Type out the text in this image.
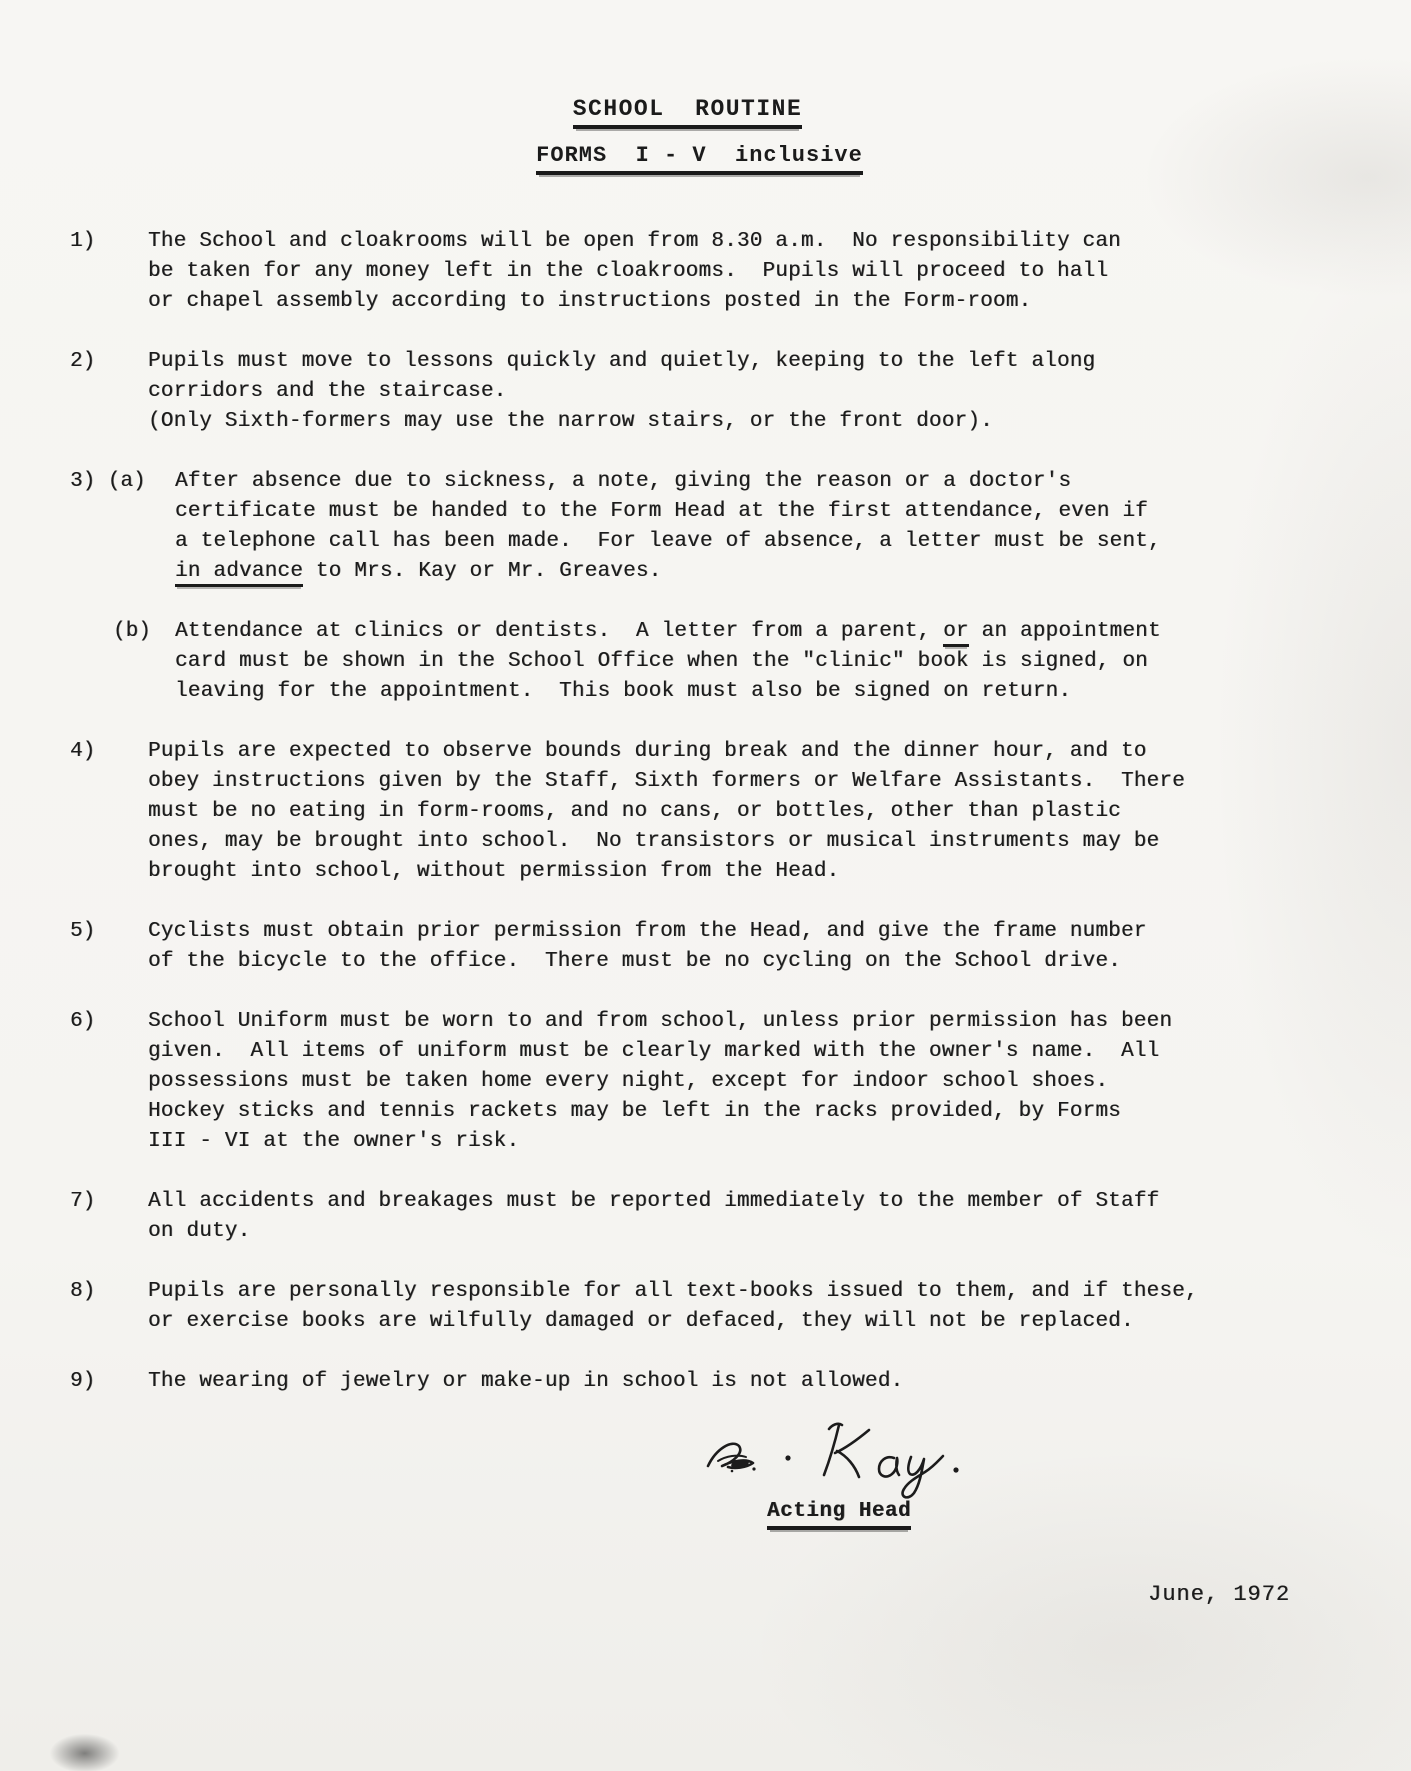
SCHOOL  ROUTINE
FORMS  I - V  inclusive
1)	The School and cloakrooms will be open from 8.30 a.m.  No responsibility can
be taken for any money left in the cloakrooms.  Pupils will proceed to hall
or chapel assembly according to instructions posted in the Form-room.
2)	Pupils must move to lessons quickly and quietly, keeping to the left along
corridors and the staircase.
(Only Sixth-formers may use the narrow stairs, or the front door).
3) (a)	After absence due to sickness, a note, giving the reason or a doctor's
certificate must be handed to the Form Head at the first attendance, even if
a telephone call has been made.  For leave of absence, a letter must be sent,
in advance to Mrs. Kay or Mr. Greaves.
(b)	Attendance at clinics or dentists.  A letter from a parent, or an appointment
card must be shown in the School Office when the "clinic" book is signed, on
leaving for the appointment.  This book must also be signed on return.
4)	Pupils are expected to observe bounds during break and the dinner hour, and to
obey instructions given by the Staff, Sixth formers or Welfare Assistants.  There
must be no eating in form-rooms, and no cans, or bottles, other than plastic
ones, may be brought into school.  No transistors or musical instruments may be
brought into school, without permission from the Head.
5)	Cyclists must obtain prior permission from the Head, and give the frame number
of the bicycle to the office.  There must be no cycling on the School drive.
6)	School Uniform must be worn to and from school, unless prior permission has been
given.  All items of uniform must be clearly marked with the owner's name.  All
possessions must be taken home every night, except for indoor school shoes.
Hockey sticks and tennis rackets may be left in the racks provided, by Forms
III - VI at the owner's risk.
7)	All accidents and breakages must be reported immediately to the member of Staff
on duty.
8)	Pupils are personally responsible for all text-books issued to them, and if these,
or exercise books are wilfully damaged or defaced, they will not be replaced.
9)	The wearing of jewelry or make-up in school is not allowed.
Acting Head
June, 1972
